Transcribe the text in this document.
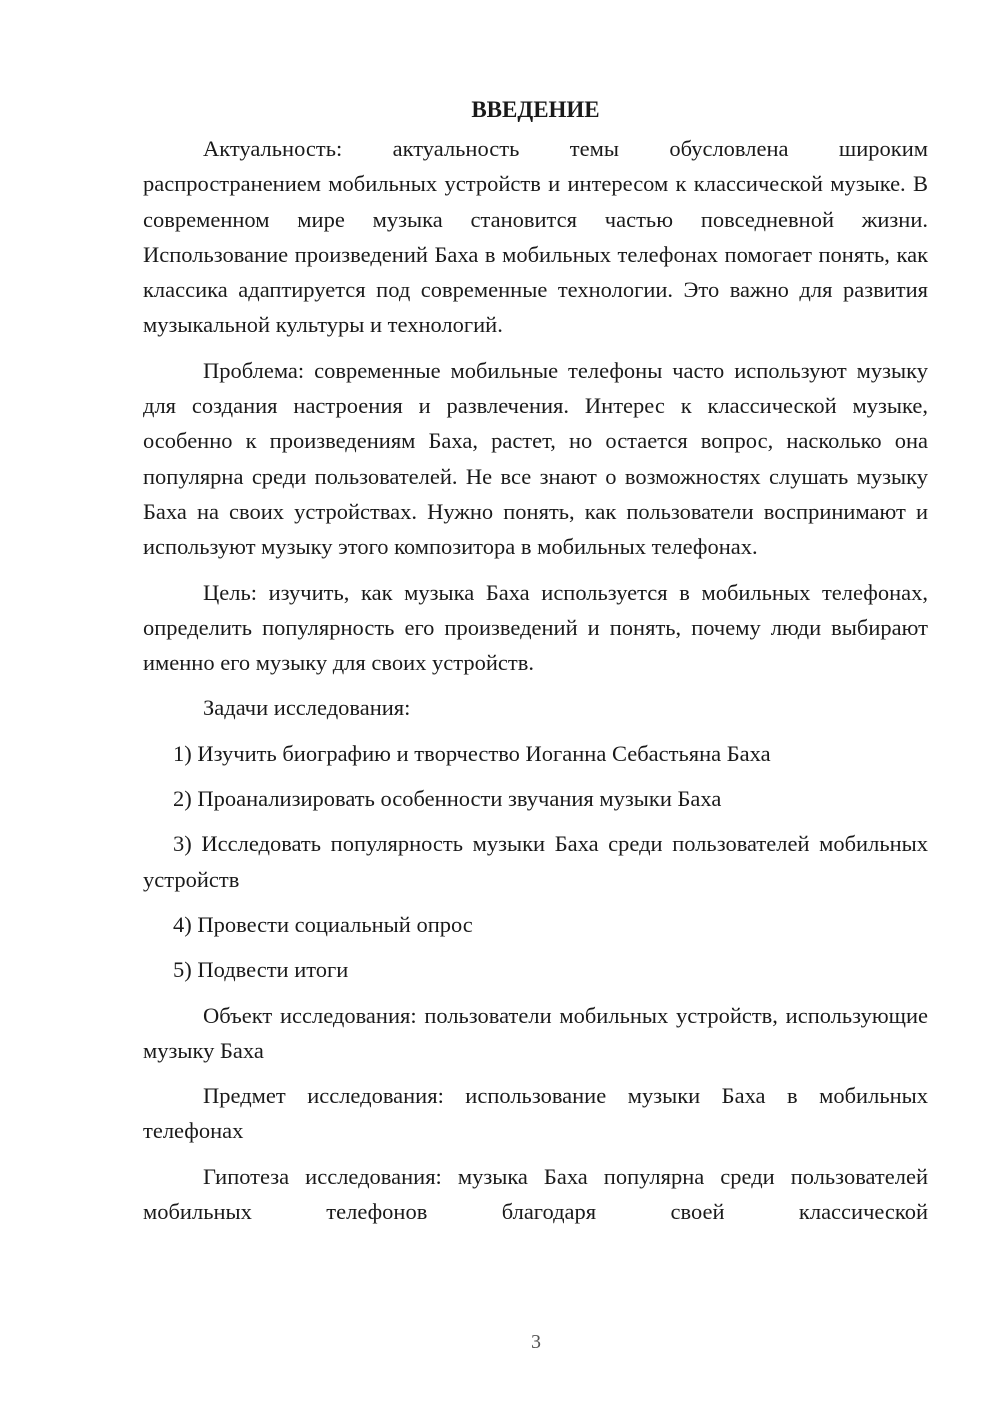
ВВЕДЕНИЕ

Актуальность: актуальность темы обусловлена широким распространением мобильных устройств и интересом к классической музыке. В современном мире музыка становится частью повседневной жизни. Использование произведений Баха в мобильных телефонах помогает понять, как классика адаптируется под современные технологии. Это важно для развития музыкальной культуры и технологий.

Проблема: современные мобильные телефоны часто используют музыку для создания настроения и развлечения. Интерес к классической музыке, особенно к произведениям Баха, растет, но остается вопрос, насколько она популярна среди пользователей. Не все знают о возможностях слушать музыку Баха на своих устройствах. Нужно понять, как пользователи воспринимают и используют музыку этого композитора в мобильных телефонах.

Цель: изучить, как музыка Баха используется в мобильных телефонах, определить популярность его произведений и понять, почему люди выбирают именно его музыку для своих устройств.

Задачи исследования:

1) Изучить биографию и творчество Иоганна Себастьяна Баха

2) Проанализировать особенности звучания музыки Баха

3) Исследовать популярность музыки Баха среди пользователей мобильных устройств

4) Провести социальный опрос

5) Подвести итоги

Объект исследования: пользователи мобильных устройств, использующие музыку Баха

Предмет исследования: использование музыки Баха в мобильных телефонах

Гипотеза исследования: музыка Баха популярна среди пользователей мобильных телефонов благодаря своей классической

3
